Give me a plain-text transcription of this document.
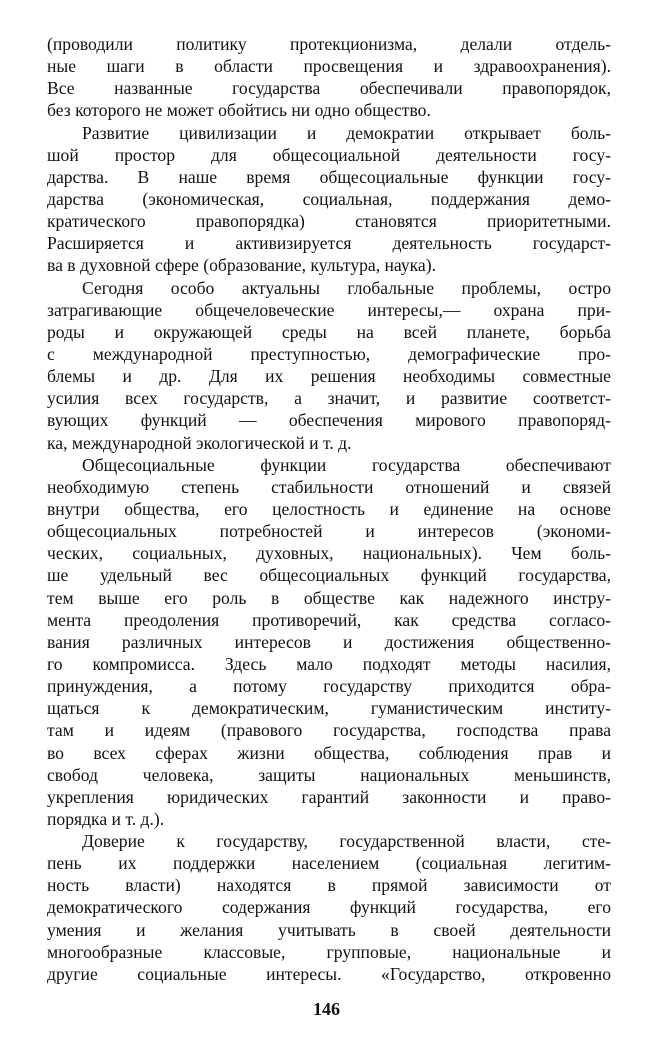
(проводили политику протекционизма, делали отдель-
ные шаги в области просвещения и здравоохранения).
Все названные государства обеспечивали правопорядок,
без которого не может обойтись ни одно общество.
Развитие цивилизации и демократии открывает боль-
шой простор для общесоциальной деятельности госу-
дарства. В наше время общесоциальные функции госу-
дарства (экономическая, социальная, поддержания демо-
кратического правопорядка) становятся приоритетными.
Расширяется и активизируется деятельность государст-
ва в духовной сфере (образование, культура, наука).
Сегодня особо актуальны глобальные проблемы, остро
затрагивающие общечеловеческие интересы,— охрана при-
роды и окружающей среды на всей планете, борьба
с международной преступностью, демографические про-
блемы и др. Для их решения необходимы совместные
усилия всех государств, а значит, и развитие соответст-
вующих функций — обеспечения мирового правопоряд-
ка, международной экологической и т. д.
Общесоциальные функции государства обеспечивают
необходимую степень стабильности отношений и связей
внутри общества, его целостность и единение на основе
общесоциальных потребностей и интересов (экономи-
ческих, социальных, духовных, национальных). Чем боль-
ше удельный вес общесоциальных функций государства,
тем выше его роль в обществе как надежного инстру-
мента преодоления противоречий, как средства согласо-
вания различных интересов и достижения общественно-
го компромисса. Здесь мало подходят методы насилия,
принуждения, а потому государству приходится обра-
щаться к демократическим, гуманистическим институ-
там и идеям (правового государства, господства права
во всех сферах жизни общества, соблюдения прав и
свобод человека, защиты национальных меньшинств,
укрепления юридических гарантий законности и право-
порядка и т. д.).
Доверие к государству, государственной власти, сте-
пень их поддержки населением (социальная легитим-
ность власти) находятся в прямой зависимости от
демократического содержания функций государства, его
умения и желания учитывать в своей деятельности
многообразные классовые, групповые, национальные и
другие социальные интересы. «Государство, откровенно
146
